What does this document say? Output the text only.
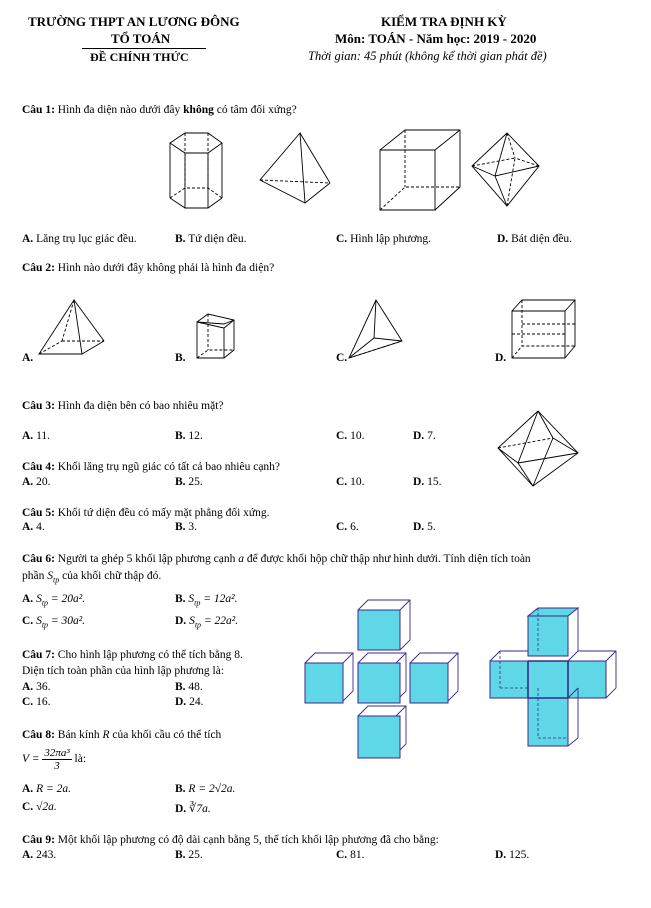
TRƯỜNG THPT AN LƯƠNG ĐÔNG
TỔ TOÁN
ĐỀ CHÍNH THỨC
KIỂM TRA ĐỊNH KỲ
Môn: TOÁN - Năm học: 2019 - 2020
Thời gian: 45 phút (không kể thời gian phát đề)
Câu 1: Hình đa diện nào dưới đây không có tâm đối xứng?
A. Lăng trụ lục giác đều.	B. Tứ diện đều.	C. Hình lập phương.	D. Bát diện đều.
Câu 2: Hình nào dưới đây không phải là hình đa diện?
A.	B.	C.	D.
Câu 3: Hình đa diện bên có bao nhiêu mặt?
A. 11.	B. 12.	C. 10.	D. 7.
Câu 4: Khối lăng trụ ngũ giác có tất cả bao nhiêu cạnh?
A. 20.	B. 25.	C. 10.	D. 15.
Câu 5: Khối tứ diện đều có mấy mặt phẳng đối xứng.
A. 4.	B. 3.	C. 6.	D. 5.
Câu 6: Người ta ghép 5 khối lập phương cạnh a để được khối hộp chữ thập như hình dưới. Tính diện tích toàn
phần $S_{tp}$ của khối chữ thập đó.
A. $S_{tp} = 20a^2$.	B. $S_{tp} = 12a^2$.
C. $S_{tp} = 30a^2$.	D. $S_{tp} = 22a^2$.
Câu 7: Cho hình lập phương có thể tích bằng 8.
Diện tích toàn phần của hình lập phương là:
A. 36.	B. 48.
C. 16.	D. 24.
Câu 8: Bán kính R của khối cầu có thể tích
$V = \frac{\text{32πa³}}{3}$ là:
A. R = 2a.	B. R = 2√2a.
C. √2a.	D. ∛7a.
Câu 9: Một khối lập phương có độ dài cạnh bằng 5, thể tích khối lập phương đã cho bằng:
A. 243.	B. 25.	C. 81.	D. 125.
